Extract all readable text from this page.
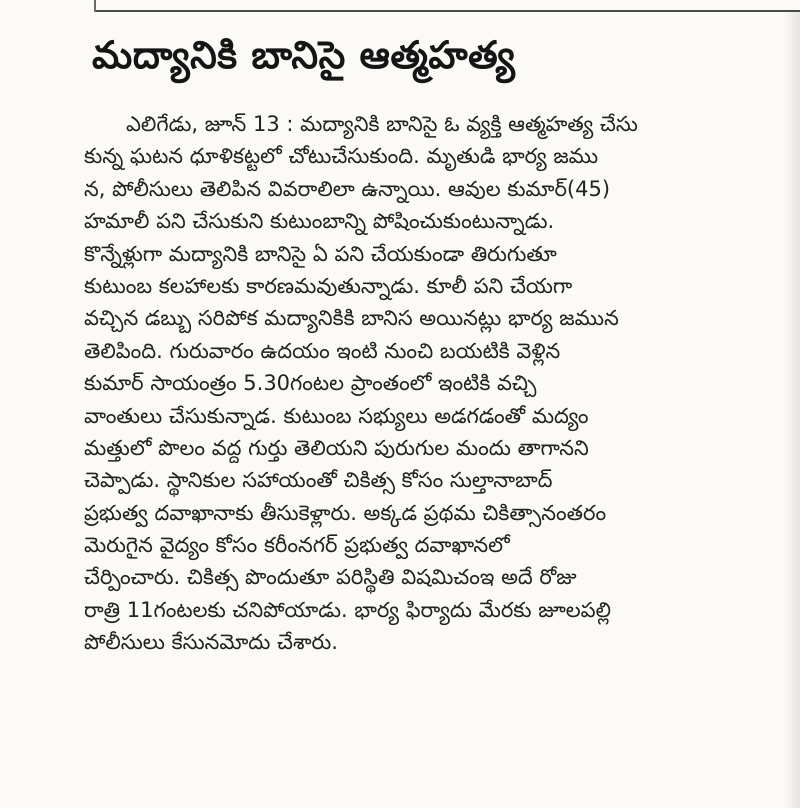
మద్యానికి బానిసై ఆత్మహత్య
ఎలిగేడు, జూన్ 13 : మద్యానికి బానిసై ఓ వ్యక్తి ఆత్మహత్య చేసు
కున్న ఘటన ధూళికట్టలో చోటుచేసుకుంది. మృతుడి భార్య జము
న, పోలీసులు తెలిపిన వివరాలిలా ఉన్నాయి. ఆవుల కుమార్(45)
హమాలీ పని చేసుకుని కుటుంబాన్ని పోషించుకుంటున్నాడు.
కొన్నేళ్లుగా మద్యానికి బానిసై ఏ పని చేయకుండా తిరుగుతూ
కుటుంబ కలహాలకు కారణమవుతున్నాడు. కూలీ పని చేయగా
వచ్చిన డబ్బు సరిపోక మద్యానికికి బానిస అయినట్లు భార్య జమున
తెలిపింది. గురువారం ఉదయం ఇంటి నుంచి బయటికి వెళ్లిన
కుమార్ సాయంత్రం 5.30గంటల ప్రాంతంలో ఇంటికి వచ్చి
వాంతులు చేసుకున్నాడ. కుటుంబ సభ్యులు అడగడంతో మద్యం
మత్తులో పొలం వద్ద గుర్తు తెలియని పురుగుల మందు తాగానని
చెప్పాడు. స్థానికుల సహాయంతో చికిత్స కోసం సుల్తానాబాద్
ప్రభుత్వ దవాఖానాకు తీసుకెళ్లారు. అక్కడ ప్రథమ చికిత్సానంతరం
మెరుగైన వైద్యం కోసం కరీంనగర్ ప్రభుత్వ దవాఖానలో
చేర్పించారు. చికిత్స పొందుతూ పరిస్థితి విషమిచంఇ అదే రోజు
రాత్రి 11గంటలకు చనిపోయాడు. భార్య ఫిర్యాదు మేరకు జూలపల్లి
పోలీసులు కేసునమోదు చేశారు.
